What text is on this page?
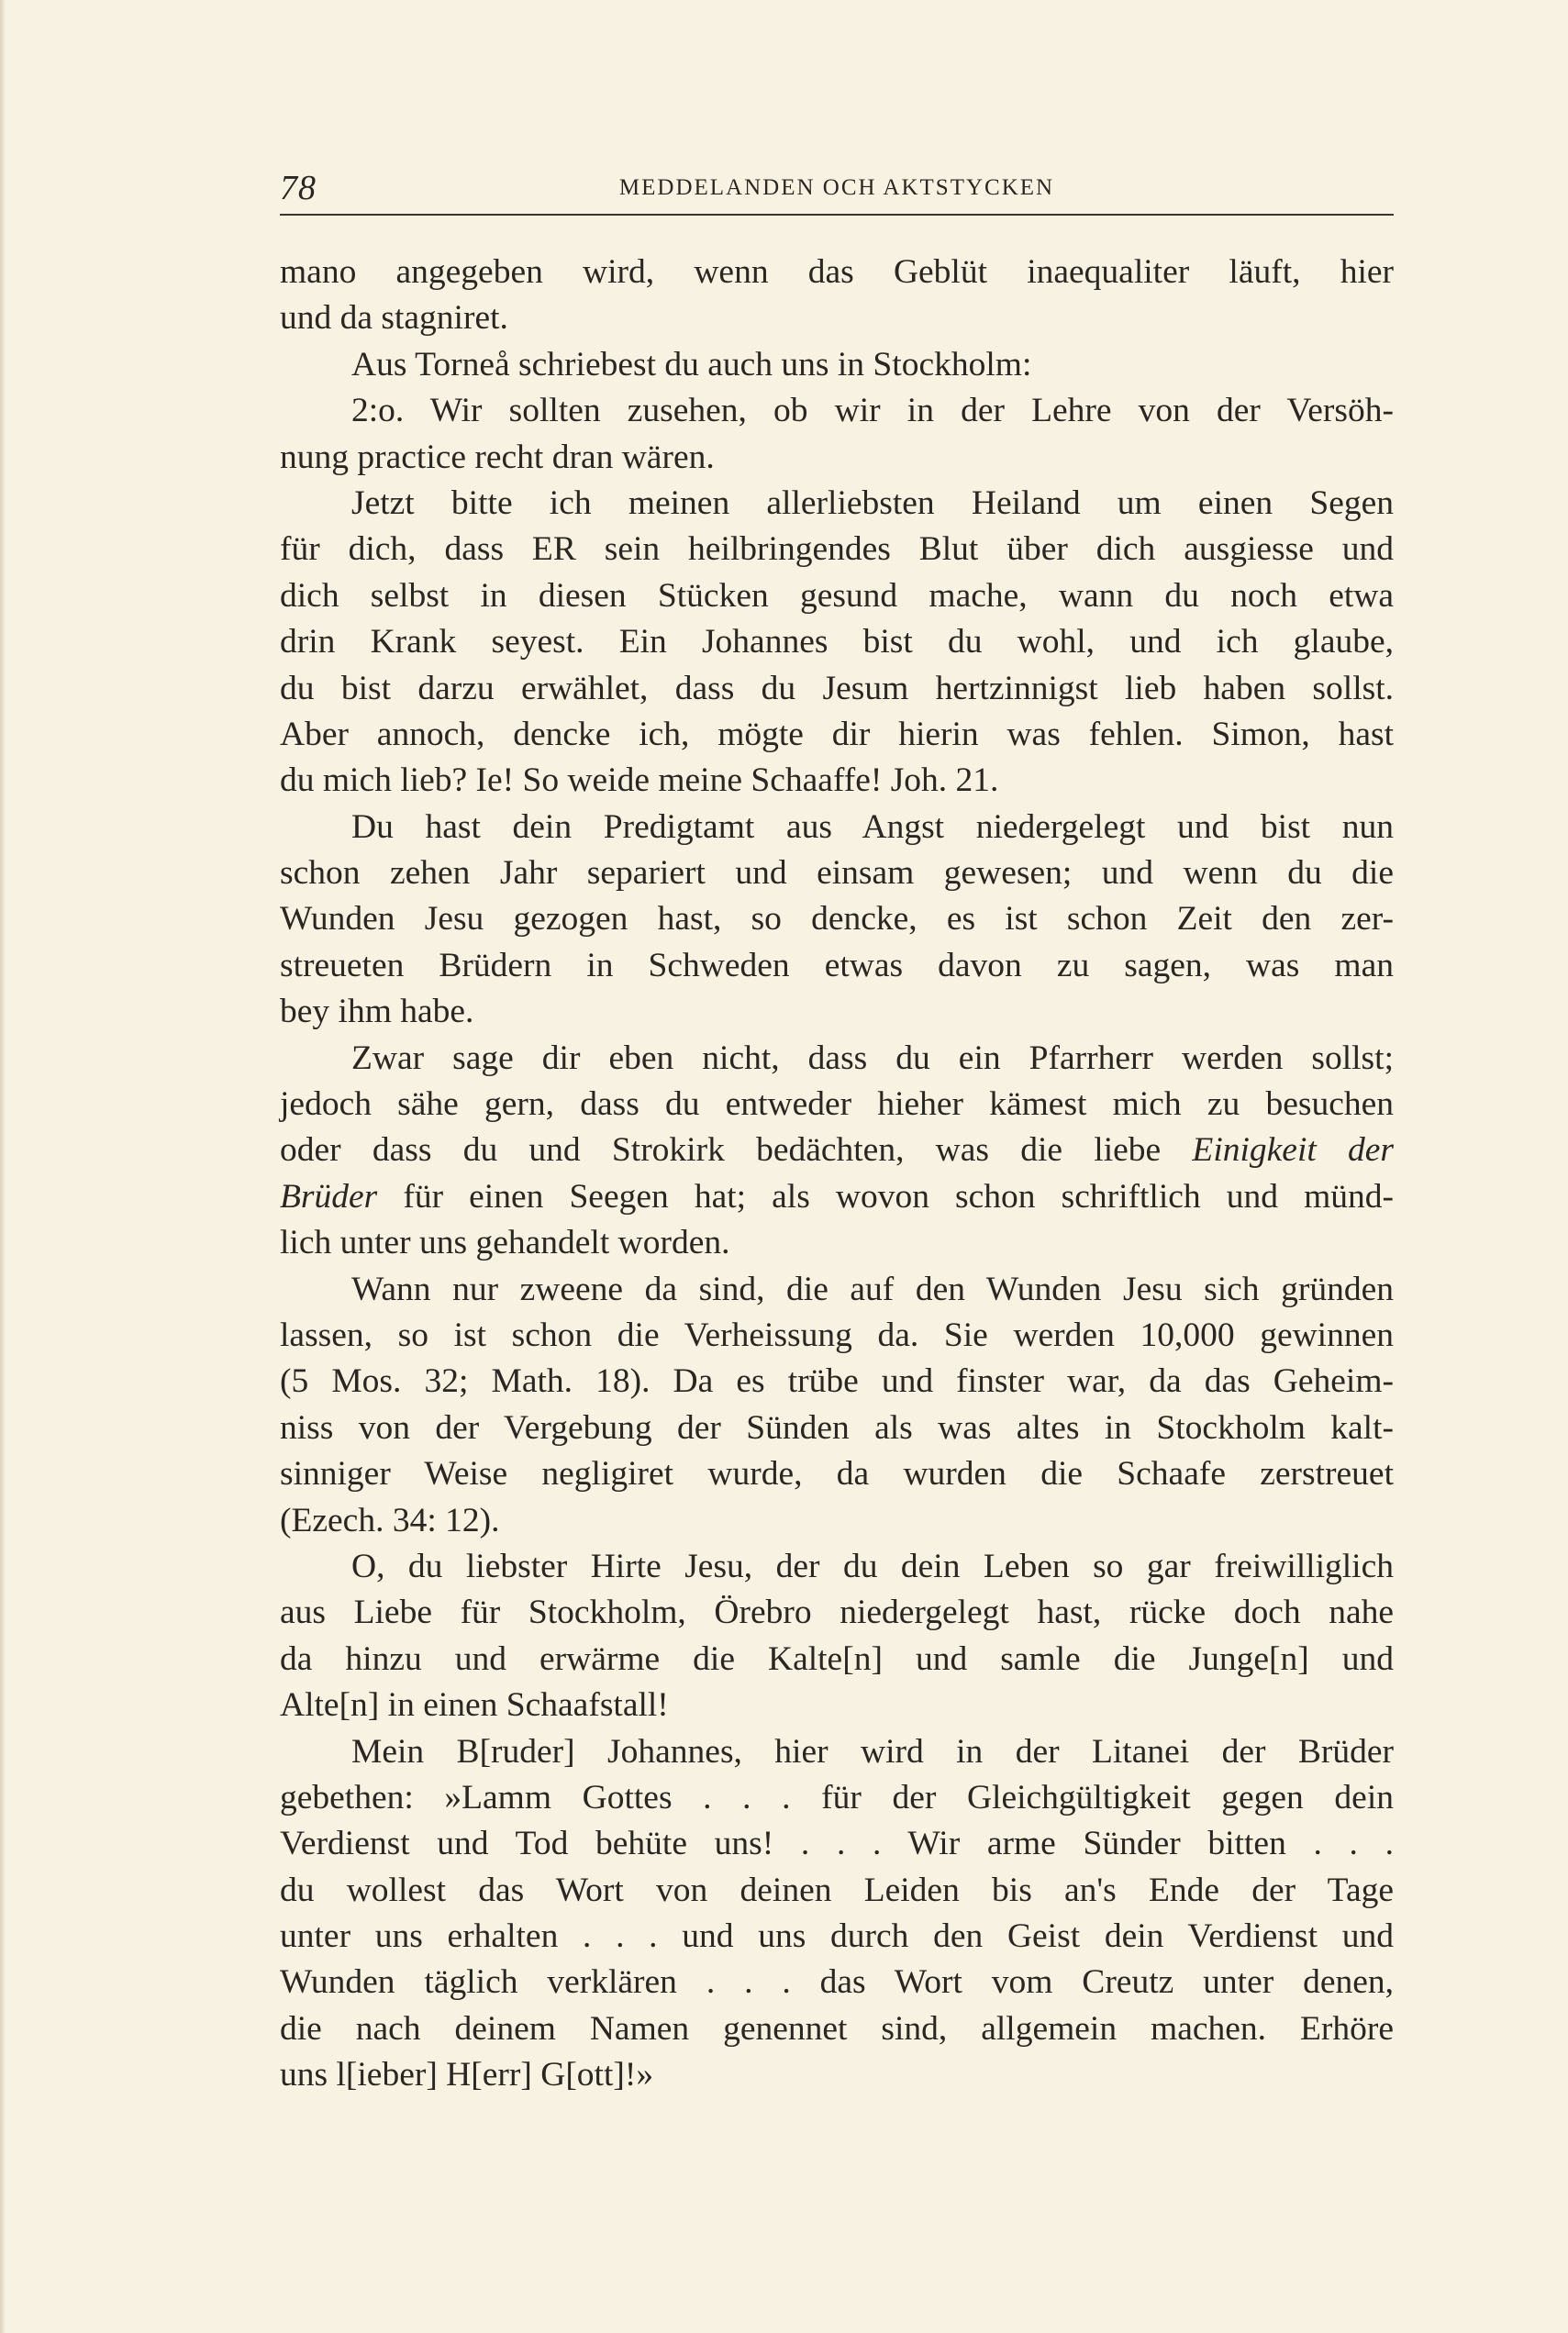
78	MEDDELANDEN OCH AKTSTYCKEN
mano angegeben wird, wenn das Geblüt inaequaliter läuft, hier
und da stagniret.
Aus Torneå schriebest du auch uns in Stockholm:
2:o. Wir sollten zusehen, ob wir in der Lehre von der Versöh-
nung practice recht dran wären.
Jetzt bitte ich meinen allerliebsten Heiland um einen Segen
für dich, dass ER sein heilbringendes Blut über dich ausgiesse und
dich selbst in diesen Stücken gesund mache, wann du noch etwa
drin Krank seyest. Ein Johannes bist du wohl, und ich glaube,
du bist darzu erwählet, dass du Jesum hertzinnigst lieb haben sollst.
Aber annoch, dencke ich, mögte dir hierin was fehlen. Simon, hast
du mich lieb? Ie! So weide meine Schaaffe! Joh. 21.
Du hast dein Predigtamt aus Angst niedergelegt und bist nun
schon zehen Jahr separiert und einsam gewesen; und wenn du die
Wunden Jesu gezogen hast, so dencke, es ist schon Zeit den zer-
streueten Brüdern in Schweden etwas davon zu sagen, was man
bey ihm habe.
Zwar sage dir eben nicht, dass du ein Pfarrherr werden sollst;
jedoch sähe gern, dass du entweder hieher kämest mich zu besuchen
oder dass du und Strokirk bedächten, was die liebe Einigkeit der
Brüder für einen Seegen hat; als wovon schon schriftlich und münd-
lich unter uns gehandelt worden.
Wann nur zweene da sind, die auf den Wunden Jesu sich gründen
lassen, so ist schon die Verheissung da. Sie werden 10,000 gewinnen
(5 Mos. 32; Math. 18). Da es trübe und finster war, da das Geheim-
niss von der Vergebung der Sünden als was altes in Stockholm kalt-
sinniger Weise negligiret wurde, da wurden die Schaafe zerstreuet
(Ezech. 34: 12).
O, du liebster Hirte Jesu, der du dein Leben so gar freiwilliglich
aus Liebe für Stockholm, Örebro niedergelegt hast, rücke doch nahe
da hinzu und erwärme die Kalte[n] und samle die Junge[n] und
Alte[n] in einen Schaafstall!
Mein B[ruder] Johannes, hier wird in der Litanei der Brüder
gebethen: »Lamm Gottes . . . für der Gleichgültigkeit gegen dein
Verdienst und Tod behüte uns! . . . Wir arme Sünder bitten . . .
du wollest das Wort von deinen Leiden bis an's Ende der Tage
unter uns erhalten . . . und uns durch den Geist dein Verdienst und
Wunden täglich verklären . . . das Wort vom Creutz unter denen,
die nach deinem Namen genennet sind, allgemein machen. Erhöre
uns l[ieber] H[err] G[ott]!»
